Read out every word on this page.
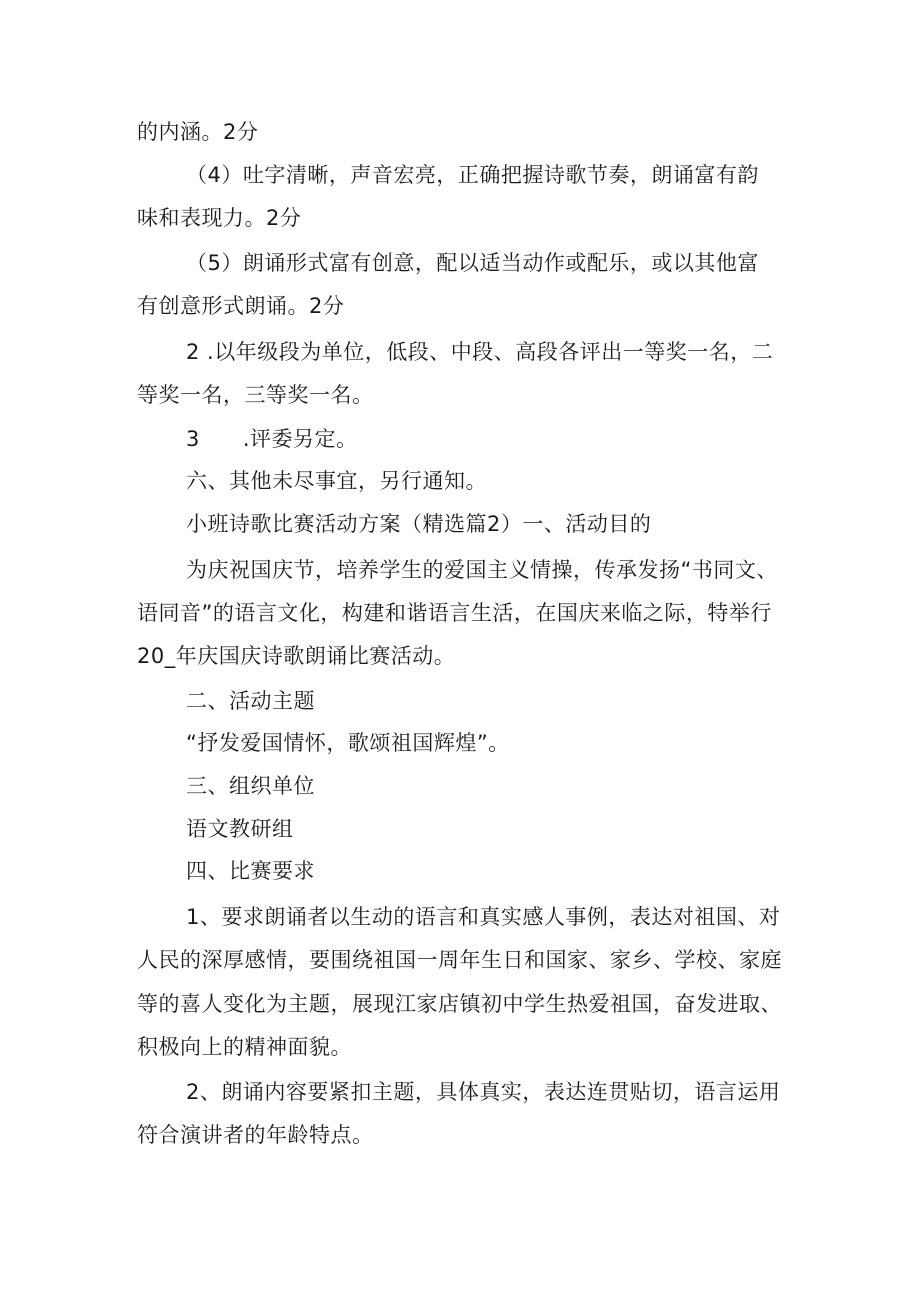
的内涵。2分
（4）吐字清晰，声音宏亮，正确把握诗歌节奏，朗诵富有韵
味和表现力。2分
（5）朗诵形式富有创意，配以适当动作或配乐，或以其他富
有创意形式朗诵。2分
2 .以年级段为单位，低段、中段、高段各评出一等奖一名，二
等奖一名，三等奖一名。
3　　.评委另定。
六、其他未尽事宜，另行通知。
小班诗歌比赛活动方案（精选篇2）一、活动目的
为庆祝国庆节，培养学生的爱国主义情操，传承发扬“书同文、
语同音”的语言文化，构建和谐语言生活，在国庆来临之际，特举行
20_年庆国庆诗歌朗诵比赛活动。
二、活动主题
“抒发爱国情怀，歌颂祖国辉煌”。
三、组织单位
语文教研组
四、比赛要求
1、要求朗诵者以生动的语言和真实感人事例，表达对祖国、对
人民的深厚感情，要围绕祖国一周年生日和国家、家乡、学校、家庭
等的喜人变化为主题，展现江家店镇初中学生热爱祖国，奋发进取、
积极向上的精神面貌。
2、朗诵内容要紧扣主题，具体真实，表达连贯贴切，语言运用
符合演讲者的年龄特点。
